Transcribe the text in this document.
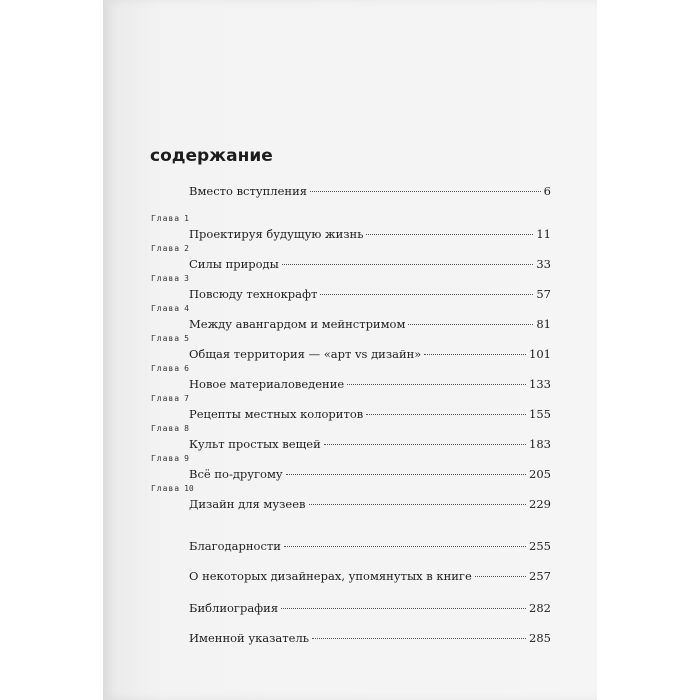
содержание
Вместо вступления	6
Глава 1
Проектируя будущую жизнь	11
Глава 2
Силы природы	33
Глава 3
Повсюду технокрафт	57
Глава 4
Между авангардом и мейнстримом	81
Глава 5
Общая территория — «арт vs дизайн»	101
Глава 6
Новое материаловедение	133
Глава 7
Рецепты местных колоритов	155
Глава 8
Культ простых вещей	183
Глава 9
Всё по-другому	205
Глава 10
Дизайн для музеев	229
Благодарности	255
О некоторых дизайнерах, упомянутых в книге	257
Библиография	282
Именной указатель	285
